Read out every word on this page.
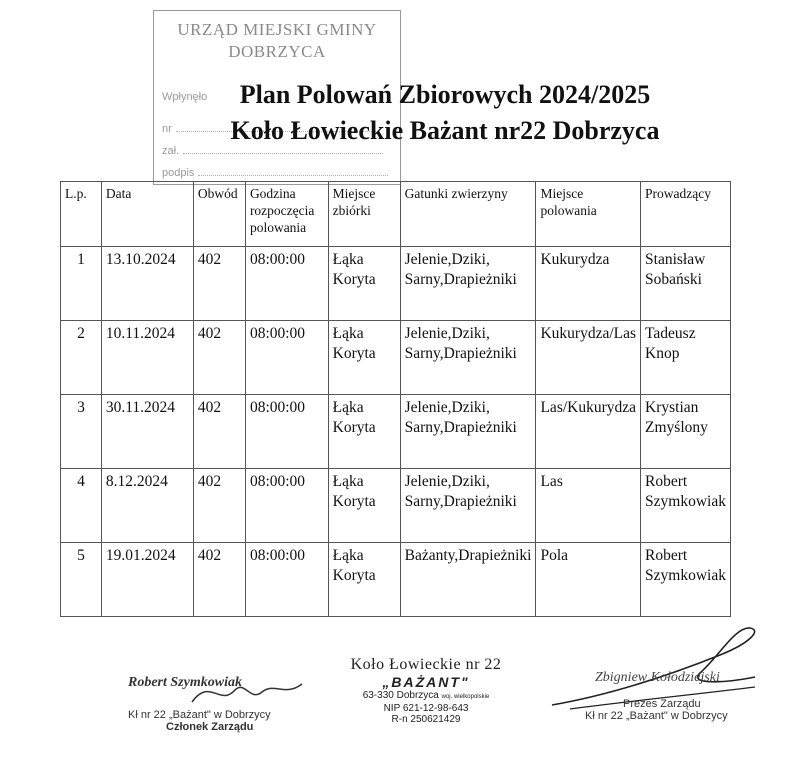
URZĄD MIEJSKI GMINY
DOBRZYCA
Wpłynęło
nr
zał.
podpis
Plan Polowań Zbiorowych 2024/2025
Koło Łowieckie Bażant nr22 Dobrzyca
L.p.	Data	Obwód	Godzina rozpoczęcia polowania	Miejsce zbiórki	Gatunki zwierzyny	Miejsce polowania	Prowadzący
1	13.10.2024	402	08:00:00	Łąka Koryta	Jelenie,Dziki, Sarny,Drapieżniki	Kukurydza	Stanisław Sobański
2	10.11.2024	402	08:00:00	Łąka Koryta	Jelenie,Dziki, Sarny,Drapieżniki	Kukurydza/Las	Tadeusz Knop
3	30.11.2024	402	08:00:00	Łąka Koryta	Jelenie,Dziki, Sarny,Drapieżniki	Las/Kukurydza	Krystian Zmyślony
4	8.12.2024	402	08:00:00	Łąka Koryta	Jelenie,Dziki, Sarny,Drapieżniki	Las	Robert Szymkowiak
5	19.01.2024	402	08:00:00	Łąka Koryta	Bażanty,Drapieżniki	Pola	Robert Szymkowiak
Robert Szymkowiak
Kł nr 22 „Bażant" w Dobrzycy
Członek Zarządu
Koło Łowieckie nr 22
„BAŻANT"
63-330 Dobrzyca woj. wielkopolskie
NIP 621-12-98-643
R-n 250621429
Zbigniew Kołodziejski
Prezes Zarządu
Kł nr 22 „Bażant" w Dobrzycy
